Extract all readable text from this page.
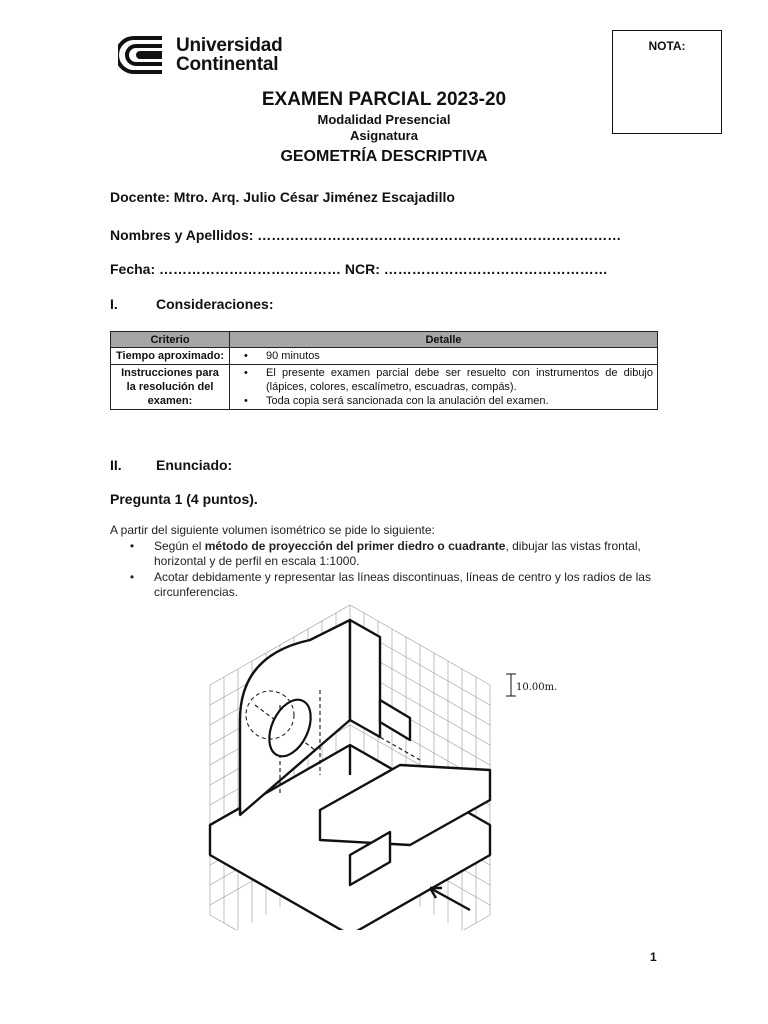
Universidad
Continental
NOTA:
EXAMEN PARCIAL 2023-20
Modalidad Presencial
Asignatura
GEOMETRÍA DESCRIPTIVA
Docente: Mtro. Arq. Julio César Jiménez Escajadillo
Nombres y Apellidos: ……………………………………………………………………
Fecha: ………………………………… NCR: …………………………………………
I.	Consideraciones:
Criterio	Detalle
Tiempo aproximado:	• 90 minutos

Instrucciones para la resolución del examen:	• El presente examen parcial debe ser resuelto con instrumentos de dibujo (lápices, colores, escalímetro, escuadras, compás).
• Toda copia será sancionada con la anulación del examen.
II. Enunciado:
Pregunta 1 (4 puntos).
A partir del siguiente volumen isométrico se pide lo siguiente:
•	Según el método de proyección del primer diedro o cuadrante, dibujar las vistas frontal, horizontal y de perfil en escala 1:1000.
•	Acotar debidamente y representar las líneas discontinuas, líneas de centro y los radios de las circunferencias.
10.00m.
1
